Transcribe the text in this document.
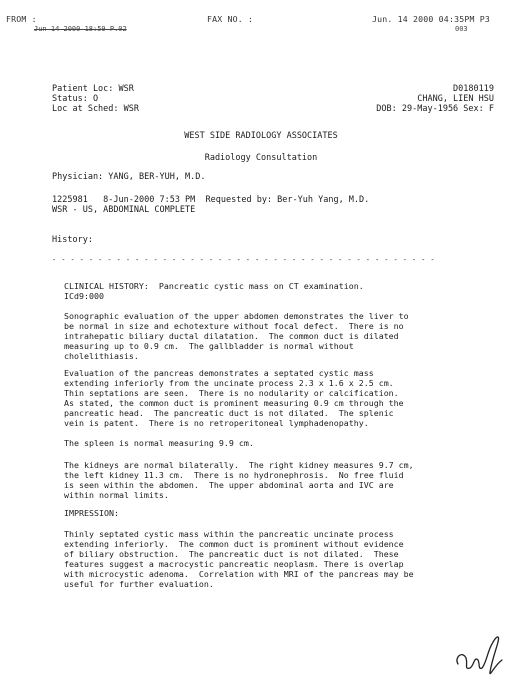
FROM :
Jun 14 2000 18:59 P.02
FAX NO. :	Jun. 14 2000 04:35PM P3
003
Patient Loc: WSR
Status: O
Loc at Sched: WSR
D0180119
CHANG, LIEN HSU
DOB: 29-May-1956 Sex: F
WEST SIDE RADIOLOGY ASSOCIATES
Radiology Consultation
Physician: YANG, BER-YUH, M.D.
1225981   8-Jun-2000 7:53 PM  Requested by: Ber-Yuh Yang, M.D.
WSR - US, ABDOMINAL COMPLETE
History:
- - - - - - - - - - - - - - - - - - - - - - - - - - - - - - - - - - - - - - - - - -
CLINICAL HISTORY:  Pancreatic cystic mass on CT examination.
ICd9:000
Sonographic evaluation of the upper abdomen demonstrates the liver to
be normal in size and echotexture without focal defect.  There is no
intrahepatic biliary ductal dilatation.  The common duct is dilated
measuring up to 0.9 cm.  The gallbladder is normal without
cholelithiasis.
Evaluation of the pancreas demonstrates a septated cystic mass
extending inferiorly from the uncinate process 2.3 x 1.6 x 2.5 cm.
Thin septations are seen.  There is no nodularity or calcification.
As stated, the common duct is prominent measuring 0.9 cm through the
pancreatic head.  The pancreatic duct is not dilated.  The splenic
vein is patent.  There is no retroperitoneal lymphadenopathy.
The spleen is normal measuring 9.9 cm.
The kidneys are normal bilaterally.  The right kidney measures 9.7 cm,
the left kidney 11.3 cm.  There is no hydronephrosis.  No free fluid
is seen within the abdomen.  The upper abdominal aorta and IVC are
within normal limits.
IMPRESSION:
Thinly septated cystic mass within the pancreatic uncinate process
extending inferiorly.  The common duct is prominent without evidence
of biliary obstruction.  The pancreatic duct is not dilated.  These
features suggest a macrocystic pancreatic neoplasm. There is overlap
with microcystic adenoma.  Correlation with MRI of the pancreas may be
useful for further evaluation.
